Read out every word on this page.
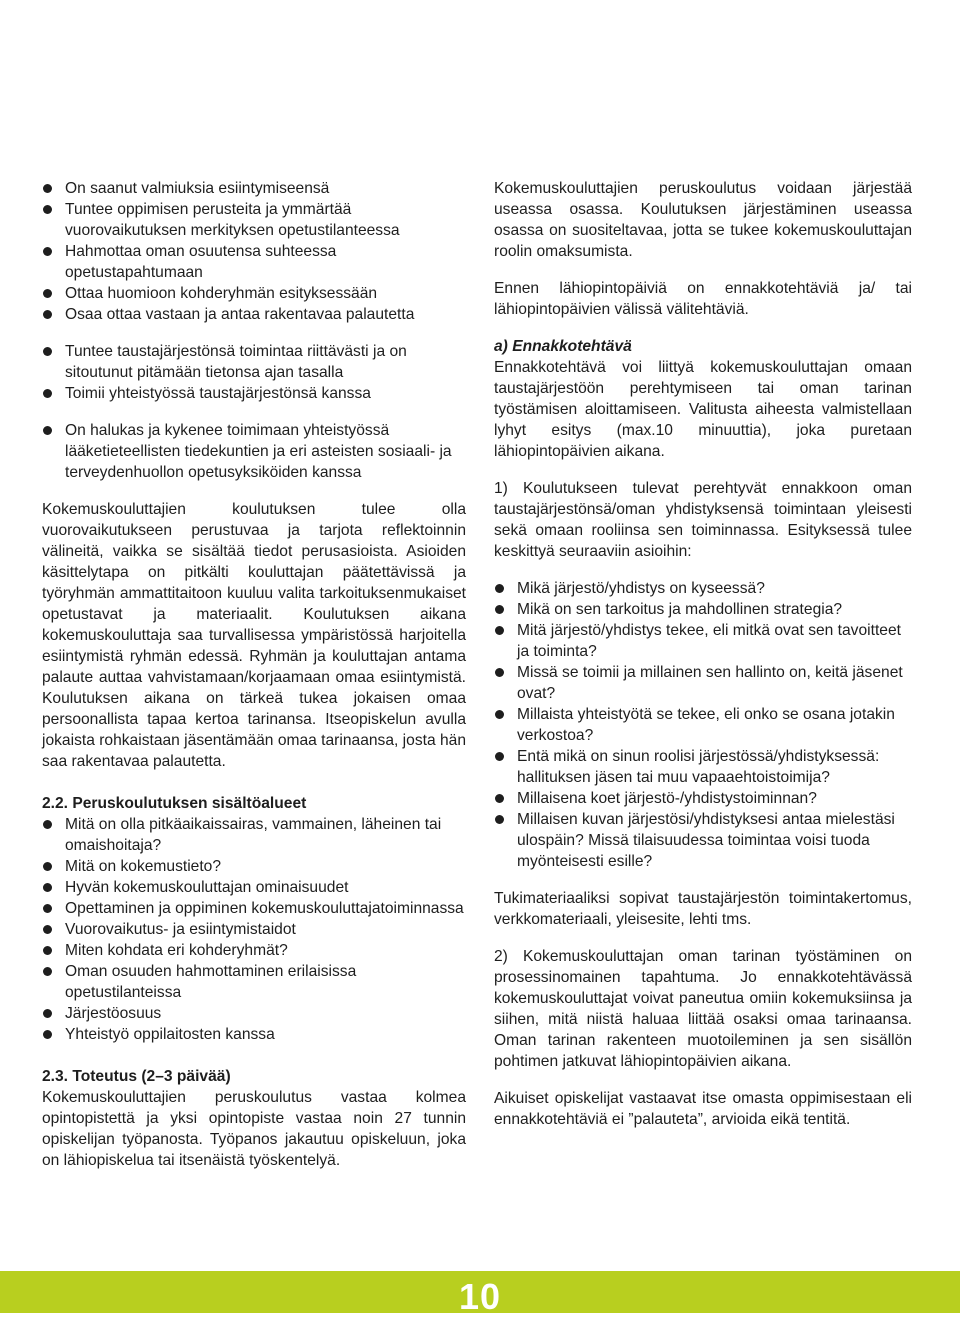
On saanut valmiuksia esiintymiseensä
Tuntee oppimisen perusteita ja ymmärtää vuorovaikutuksen merkityksen opetustilanteessa
Hahmottaa oman osuutensa suhteessa opetustapahtumaan
Ottaa huomioon kohderyhmän esityksessään
Osaa ottaa vastaan ja antaa rakentavaa palautetta
Tuntee taustajärjestönsä toimintaa riittävästi ja on sitoutunut pitämään tietonsa ajan tasalla
Toimii yhteistyössä taustajärjestönsä kanssa
On halukas ja kykenee toimimaan yhteistyössä lääketieteellisten tiedekuntien ja eri asteisten sosiaali- ja terveydenhuollon opetusyksiköiden kanssa

Kokemuskouluttajien koulutuksen tulee olla vuorovaikutukseen perustuvaa ja tarjota reflektoinnin välineitä, vaikka se sisältää tiedot perusasioista. Asioiden käsittelytapa on pitkälti kouluttajan päätettävissä ja työryhmän ammattitaitoon kuuluu valita tarkoituksenmukaiset opetustavat ja materiaalit. Koulutuksen aikana kokemuskouluttaja saa turvallisessa ympäristössä harjoitella esiintymistä ryhmän edessä. Ryhmän ja kouluttajan antama palaute auttaa vahvistamaan/korjaamaan omaa esiintymistä. Koulutuksen aikana on tärkeä tukea jokaisen omaa persoonallista tapaa kertoa tarinansa. Itseopiskelun avulla jokaista rohkaistaan jäsentämään omaa tarinaansa, josta hän saa rakentavaa palautetta.

2.2. Peruskoulutuksen sisältöalueet

Mitä on olla pitkäaikaissairas, vammainen, läheinen tai omaishoitaja?
Mitä on kokemustieto?
Hyvän kokemuskouluttajan ominaisuudet
Opettaminen ja oppiminen kokemuskouluttajatoiminnassa
Vuorovaikutus- ja esiintymistaidot
Miten kohdata eri kohderyhmät?
Oman osuuden hahmottaminen erilaisissa opetustilanteissa
Järjestöosuus
Yhteistyö oppilaitosten kanssa

2.3. Toteutus (2–3 päivää)

Kokemuskouluttajien peruskoulutus vastaa kolmea opintopistettä ja yksi opintopiste vastaa noin 27 tunnin opiskelijan työpanosta. Työpanos jakautuu opiskeluun, joka on lähiopiskelua tai itsenäistä työskentelyä.

Kokemuskouluttajien peruskoulutus voidaan järjestää useassa osassa. Koulutuksen järjestäminen useassa osassa on suositeltavaa, jotta se tukee kokemuskouluttajan roolin omaksumista.

Ennen lähiopintopäiviä on ennakkotehtäviä ja/ tai lähiopintopäivien välissä välitehtäviä.

a) Ennakkotehtävä

Ennakkotehtävä voi liittyä kokemuskouluttajan omaan taustajärjestöön perehtymiseen tai oman tarinan työstämisen aloittamiseen. Valitusta aiheesta valmistellaan lyhyt esitys (max.10 minuuttia), joka puretaan lähiopintopäivien aikana.

1) Koulutukseen tulevat perehtyvät ennakkoon oman taustajärjestönsä/oman yhdistyksensä toimintaan yleisesti sekä omaan rooliinsa sen toiminnassa. Esityksessä tulee keskittyä seuraaviin asioihin:

Mikä järjestö/yhdistys on kyseessä?
Mikä on sen tarkoitus ja mahdollinen strategia?
Mitä järjestö/yhdistys tekee, eli mitkä ovat sen tavoitteet ja toiminta?
Missä se toimii ja millainen sen hallinto on, keitä jäsenet ovat?
Millaista yhteistyötä se tekee, eli onko se osana jotakin verkostoa?
Entä mikä on sinun roolisi järjestössä/yhdistyksessä: hallituksen jäsen tai muu vapaaehtoistoimija?
Millaisena koet järjestö-/yhdistystoiminnan?
Millaisen kuvan järjestösi/yhdistyksesi antaa mielestäsi ulospäin? Missä tilaisuudessa toimintaa voisi tuoda myönteisesti esille?

Tukimateriaaliksi sopivat taustajärjestön toimintakertomus, verkkomateriaali, yleisesite, lehti tms.

2) Kokemuskouluttajan oman tarinan työstäminen on prosessinomainen tapahtuma. Jo ennakkotehtävässä kokemuskouluttajat voivat paneutua omiin kokemuksiinsa ja siihen, mitä niistä haluaa liittää osaksi omaa tarinaansa. Oman tarinan rakenteen muotoileminen ja sen sisällön pohtimen jatkuvat lähiopintopäivien aikana.

Aikuiset opiskelijat vastaavat itse omasta oppimisestaan eli ennakkotehtäviä ei ”palauteta”, arvioida eikä tentitä.

10
